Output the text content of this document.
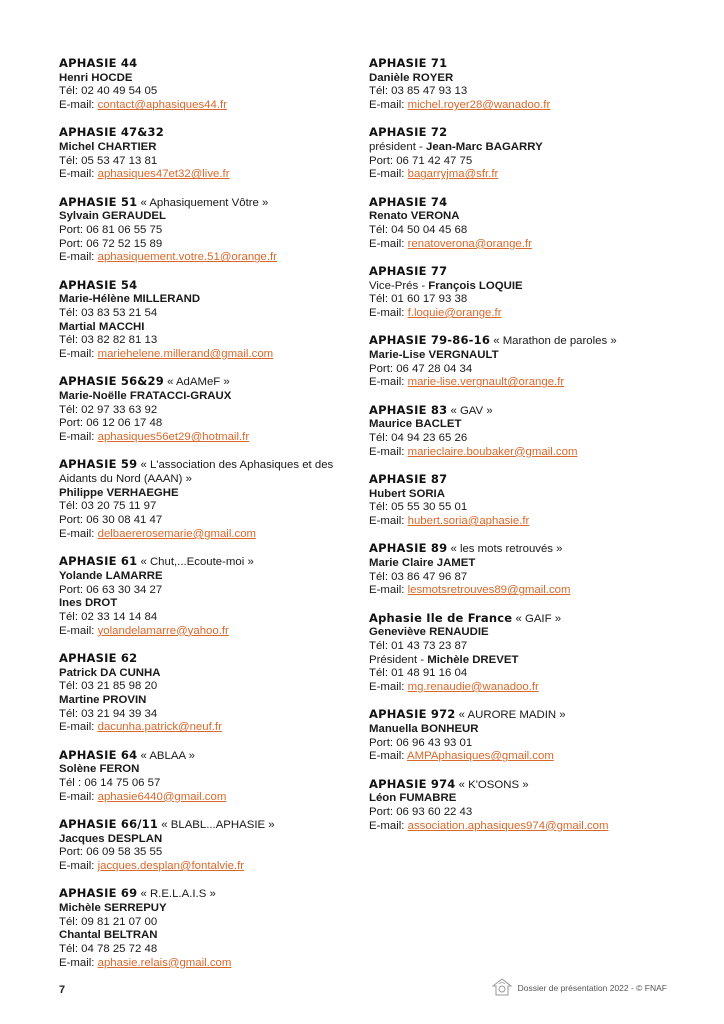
APHASIE 44
Henri HOCDE
Tél: 02 40 49 54 05
E-mail: contact@aphasiques44.fr
APHASIE 47&32
Michel CHARTIER
Tél: 05 53 47 13 81
E-mail: aphasiques47et32@live.fr
APHASIE 51 « Aphasiquement Vôtre »
Sylvain GERAUDEL
Port: 06 81 06 55 75
Port: 06 72 52 15 89
E-mail: aphasiquement.votre.51@orange.fr
APHASIE 54
Marie-Hélène MILLERAND
Tél: 03 83 53 21 54
Martial MACCHI
Tél: 03 82 82 81 13
E-mail: mariehelene.millerand@gmail.com
APHASIE 56&29 « AdAMeF »
Marie-Noëlle FRATACCI-GRAUX
Tél: 02 97 33 63 92
Port: 06 12 06 17 48
E-mail: aphasiques56et29@hotmail.fr
APHASIE 59 « L'association des Aphasiques et des Aidants du Nord (AAAN) »
Philippe VERHAEGHE
Tél: 03 20 75 11 97
Port: 06 30 08 41 47
E-mail: delbaererosemarie@gmail.com
APHASIE 61 « Chut,...Ecoute-moi »
Yolande LAMARRE
Port: 06 63 30 34 27
Ines DROT
Tél: 02 33 14 14 84
E-mail: yolandelamarre@yahoo.fr
APHASIE 62
Patrick DA CUNHA
Tél: 03 21 85 98 20
Martine PROVIN
Tél: 03 21 94 39 34
E-mail: dacunha.patrick@neuf.fr
APHASIE 64 « ABLAA »
Solène FERON
Tél : 06 14 75 06 57
E-mail: aphasie6440@gmail.com
APHASIE 66/11 « BLABL...APHASIE »
Jacques DESPLAN
Port: 06 09 58 35 55
E-mail: jacques.desplan@fontalvie.fr
APHASIE 69 « R.E.L.A.I.S »
Michèle SERREPUY
Tél: 09 81 21 07 00
Chantal BELTRAN
Tél: 04 78 25 72 48
E-mail: aphasie.relais@gmail.com
APHASIE 71
Danièle ROYER
Tél: 03 85 47 93 13
E-mail: michel.royer28@wanadoo.fr
APHASIE 72
président - Jean-Marc BAGARRY
Port: 06 71 42 47 75
E-mail: bagarryjma@sfr.fr
APHASIE 74
Renato VERONA
Tél: 04 50 04 45 68
E-mail: renatoverona@orange.fr
APHASIE 77
Vice-Prés - François LOQUIE
Tél: 01 60 17 93 38
E-mail: f.loquie@orange.fr
APHASIE 79-86-16 « Marathon de paroles »
Marie-Lise VERGNAULT
Port: 06 47 28 04 34
E-mail: marie-lise.vergnault@orange.fr
APHASIE 83 « GAV »
Maurice BACLET
Tél: 04 94 23 65 26
E-mail: marieclaire.boubaker@gmail.com
APHASIE 87
Hubert SORIA
Tél: 05 55 30 55 01
E-mail: hubert.soria@aphasie.fr
APHASIE 89 « les mots retrouvés »
Marie Claire JAMET
Tél: 03 86 47 96 87
E-mail: lesmotsretrouves89@gmail.com
Aphasie Ile de France « GAIF »
Geneviève RENAUDIE
Tél: 01 43 73 23 87
Président - Michèle DREVET
Tél: 01 48 91 16 04
E-mail: mg.renaudie@wanadoo.fr
APHASIE 972 « AURORE MADIN »
Manuella BONHEUR
Port: 06 96 43 93 01
E-mail: AMPAphasiques@gmail.com
APHASIE 974 « K'OSONS »
Léon FUMABRE
Port: 06 93 60 22 43
E-mail: association.aphasiques974@gmail.com
7	Dossier de présentation 2022 - © FNAF
